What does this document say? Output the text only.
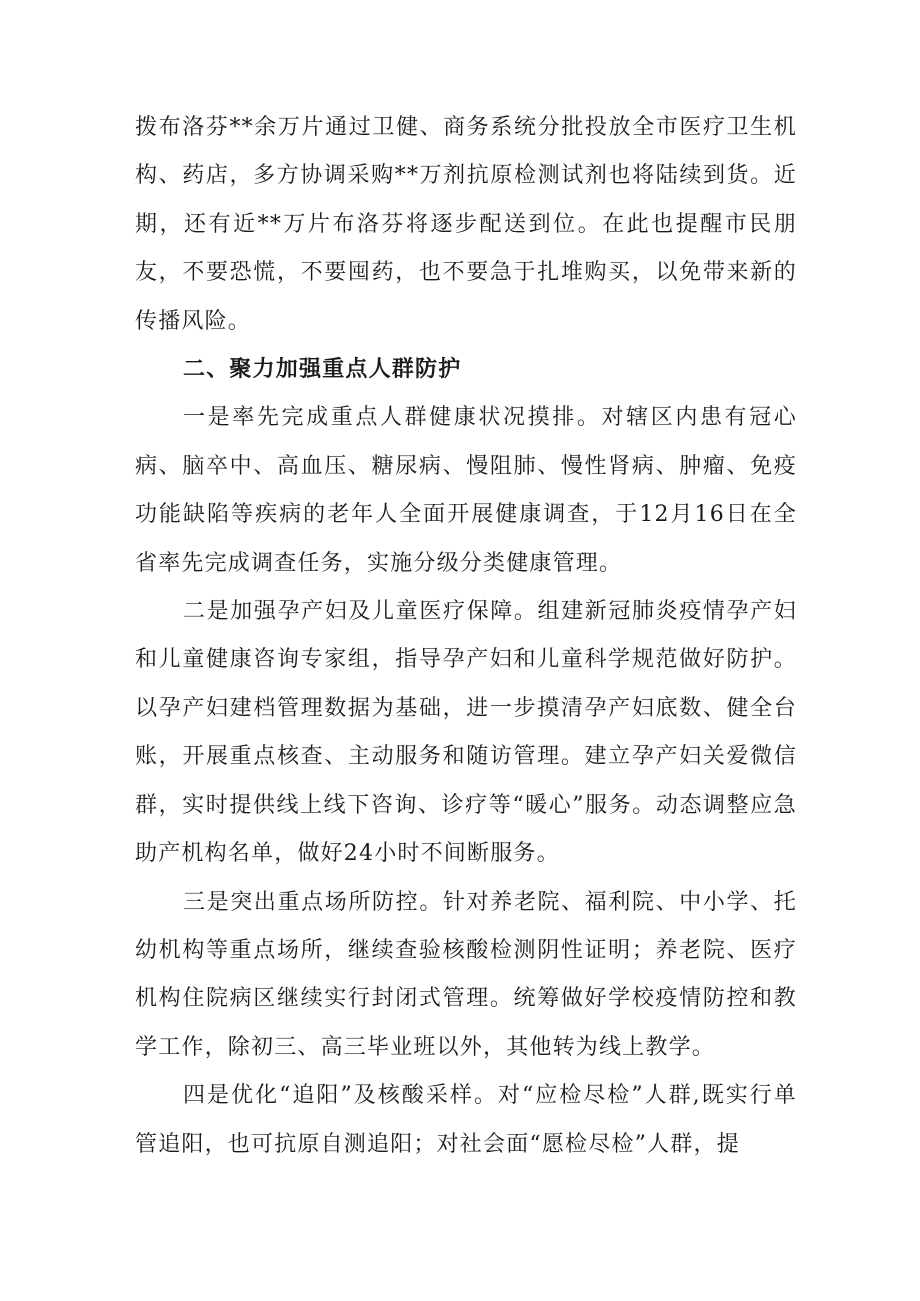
拨布洛芬**余万片通过卫健、商务系统分批投放全市医疗卫生机构、药店，多方协调采购**万剂抗原检测试剂也将陆续到货。近期，还有近**万片布洛芬将逐步配送到位。在此也提醒市民朋友，不要恐慌，不要囤药，也不要急于扎堆购买，以免带来新的传播风险。

二、聚力加强重点人群防护

一是率先完成重点人群健康状况摸排。对辖区内患有冠心病、脑卒中、高血压、糖尿病、慢阻肺、慢性肾病、肿瘤、免疫功能缺陷等疾病的老年人全面开展健康调查，于12月16日在全省率先完成调查任务，实施分级分类健康管理。

二是加强孕产妇及儿童医疗保障。组建新冠肺炎疫情孕产妇和儿童健康咨询专家组，指导孕产妇和儿童科学规范做好防护。以孕产妇建档管理数据为基础，进一步摸清孕产妇底数、健全台账，开展重点核查、主动服务和随访管理。建立孕产妇关爱微信群，实时提供线上线下咨询、诊疗等“暖心”服务。动态调整应急助产机构名单，做好24小时不间断服务。

三是突出重点场所防控。针对养老院、福利院、中小学、托幼机构等重点场所，继续查验核酸检测阴性证明；养老院、医疗机构住院病区继续实行封闭式管理。统筹做好学校疫情防控和教学工作，除初三、高三毕业班以外，其他转为线上教学。

四是优化“追阳”及核酸采样。对“应检尽检”人群,既实行单管追阳，也可抗原自测追阳；对社会面“愿检尽检”人群，提
